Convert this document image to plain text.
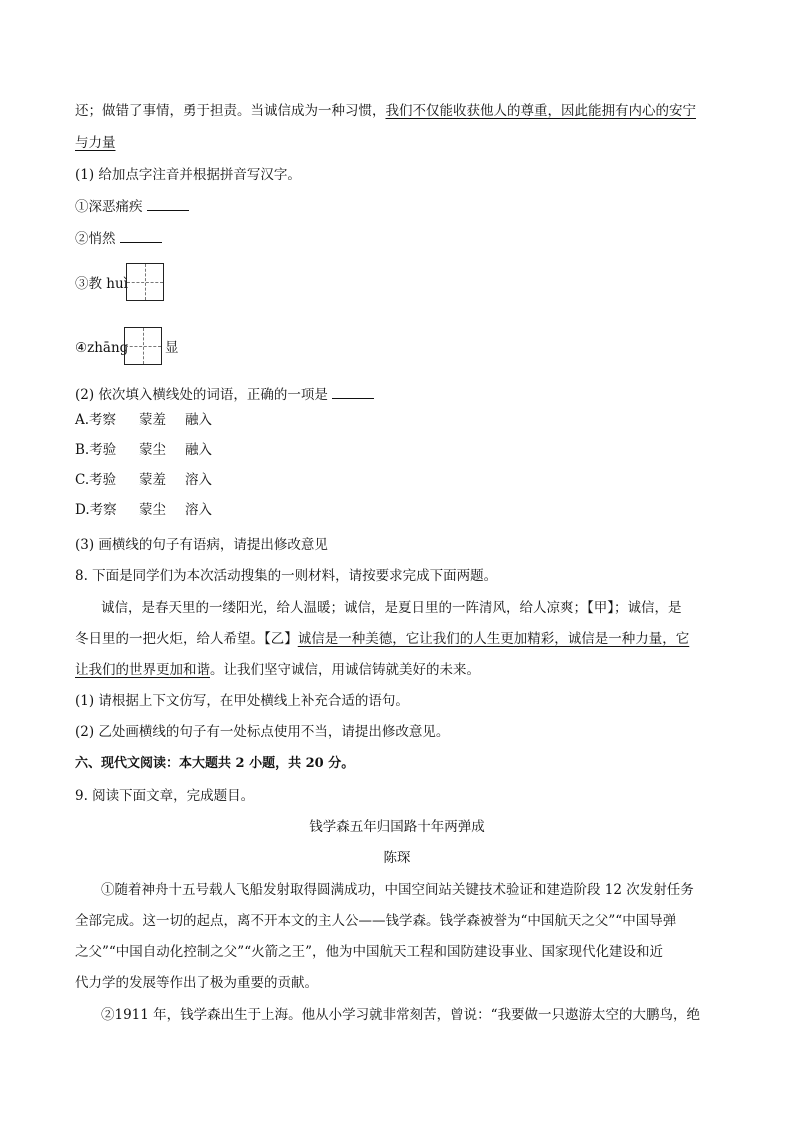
还；做错了事情，勇于担责。当诚信成为一种习惯，我们不仅能收获他人的尊重，因此能拥有内心的安宁
与力量
(1) 给加点字注音并根据拼音写汉字。
①深恶痛疾
②悄然
③教 huì
④zhāng	显
(2) 依次填入横线处的词语，正确的一项是
A.考察 蒙羞 融入
B.考验 蒙尘 融入
C.考验 蒙羞 溶入
D.考察 蒙尘 溶入
(3) 画横线的句子有语病，请提出修改意见
8. 下面是同学们为本次活动搜集的一则材料，请按要求完成下面两题。
诚信，是春天里的一缕阳光，给人温暖；诚信，是夏日里的一阵清风，给人凉爽；【甲】；诚信，是
冬日里的一把火炬，给人希望。【乙】诚信是一种美德，它让我们的人生更加精彩，诚信是一种力量，它
让我们的世界更加和谐。让我们坚守诚信，用诚信铸就美好的未来。
(1) 请根据上下文仿写，在甲处横线上补充合适的语句。
(2) 乙处画横线的句子有一处标点使用不当，请提出修改意见。
六、现代文阅读：本大题共 2 小题，共 20 分。
9. 阅读下面文章，完成题目。
钱学森五年归国路十年两弹成
陈琛
①随着神舟十五号载人飞船发射取得圆满成功，中国空间站关键技术验证和建造阶段 12 次发射任务
全部完成。这一切的起点，离不开本文的主人公——钱学森。钱学森被誉为“中国航天之父”“中国导弹
之父”“中国自动化控制之父”“火箭之王”，他为中国航天工程和国防建设事业、国家现代化建设和近
代力学的发展等作出了极为重要的贡献。
②1911 年，钱学森出生于上海。他从小学习就非常刻苦，曾说：“我要做一只遨游太空的大鹏鸟，绝
